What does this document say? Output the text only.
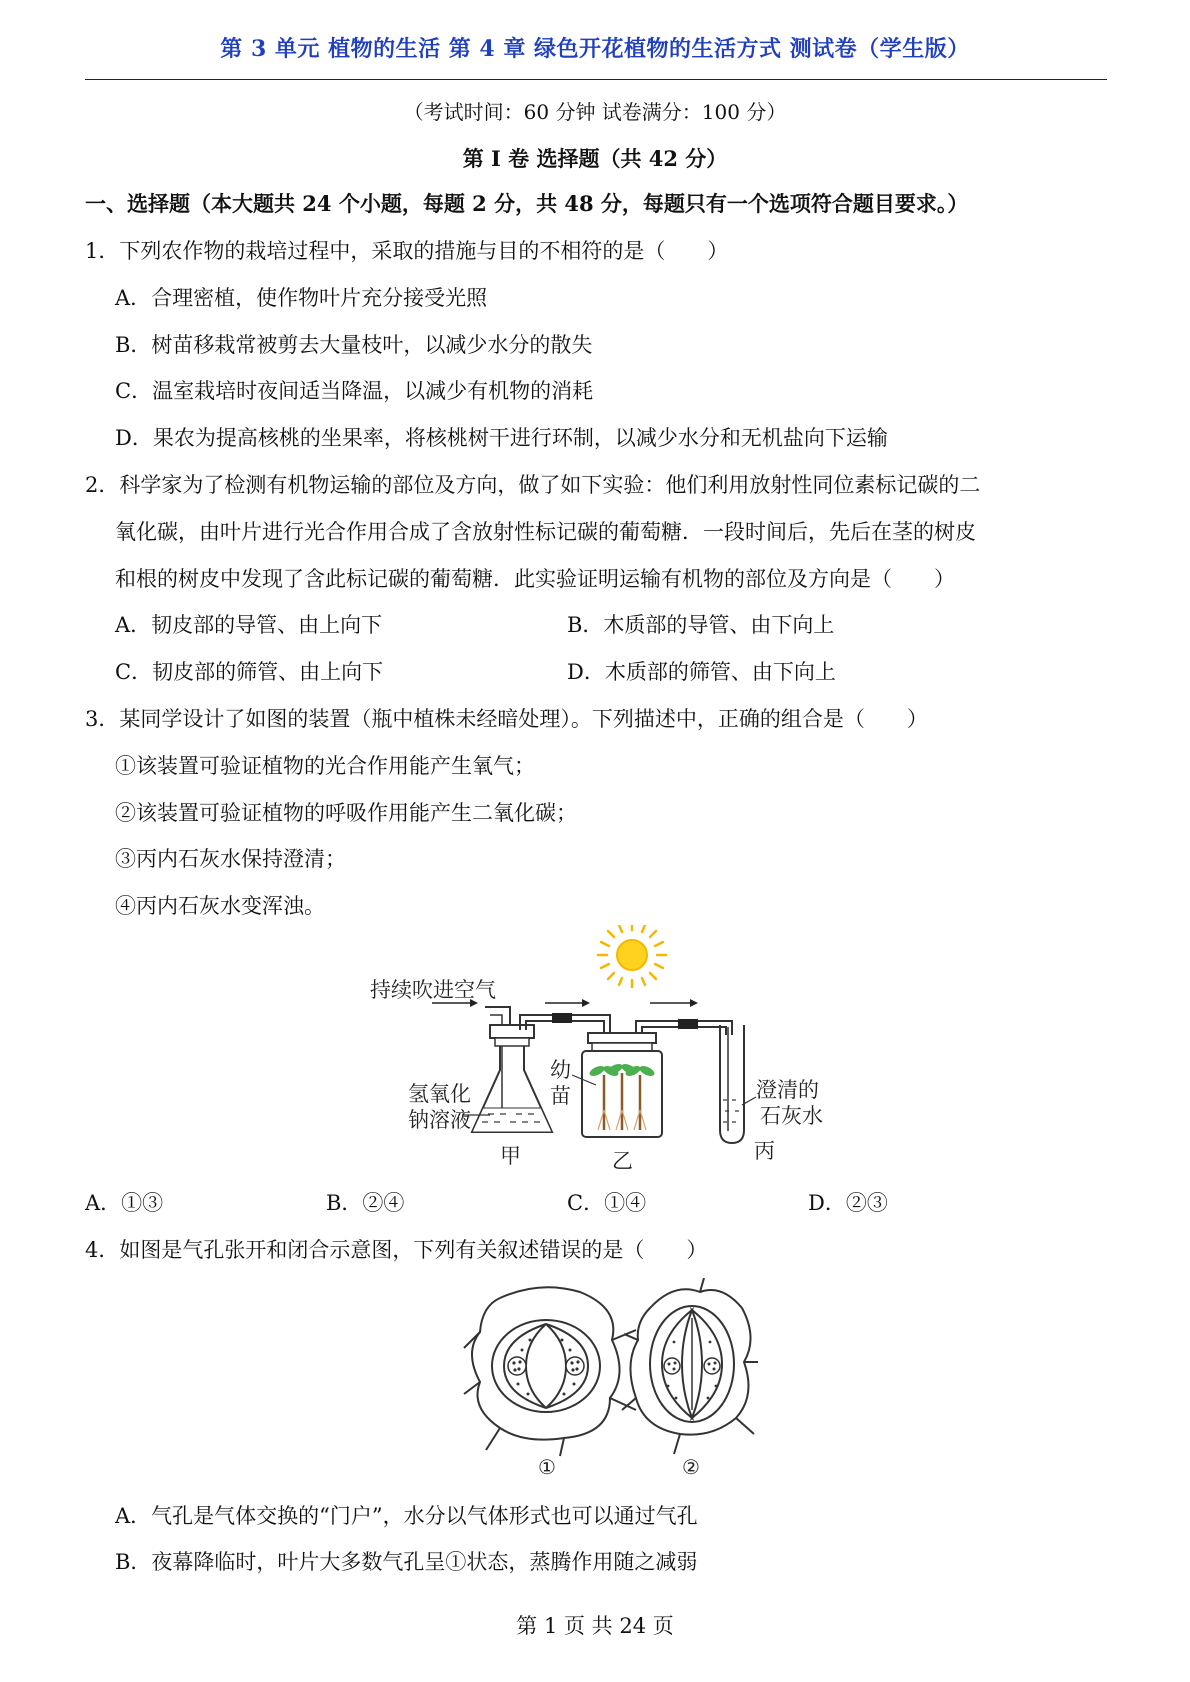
第 3 单元 植物的生活 第 4 章 绿色开花植物的生活方式 测试卷（学生版）
（考试时间：60 分钟 试卷满分：100 分）
第 I 卷 选择题（共 42 分）
一、选择题（本大题共 24 个小题，每题 2 分，共 48 分，每题只有一个选项符合题目要求。）
1．下列农作物的栽培过程中，采取的措施与目的不相符的是（　　）
A．合理密植，使作物叶片充分接受光照
B．树苗移栽常被剪去大量枝叶，以减少水分的散失
C．温室栽培时夜间适当降温，以减少有机物的消耗
D．果农为提高核桃的坐果率，将核桃树干进行环制，以减少水分和无机盐向下运输
2．科学家为了检测有机物运输的部位及方向，做了如下实验：他们利用放射性同位素标记碳的二
氧化碳，由叶片进行光合作用合成了含放射性标记碳的葡萄糖．一段时间后，先后在茎的树皮
和根的树皮中发现了含此标记碳的葡萄糖．此实验证明运输有机物的部位及方向是（　　）
A．韧皮部的导管、由上向下	B．木质部的导管、由下向上
C．韧皮部的筛管、由上向下	D．木质部的筛管、由下向上
3．某同学设计了如图的装置（瓶中植株未经暗处理）。下列描述中，正确的组合是（　　）
①该装置可验证植物的光合作用能产生氧气；
②该装置可验证植物的呼吸作用能产生二氧化碳；
③丙内石灰水保持澄清；
④丙内石灰水变浑浊。
持续吹进空气
氢氧化
钠溶液
甲
幼
苗
乙
澄清的
石灰水
丙
A．①③	B．②④	C．①④	D．②③
4．如图是气孔张开和闭合示意图，下列有关叙述错误的是（　　）
①	②
A．气孔是气体交换的“门户”，水分以气体形式也可以通过气孔
B．夜幕降临时，叶片大多数气孔呈①状态，蒸腾作用随之减弱
第 1 页 共 24 页
